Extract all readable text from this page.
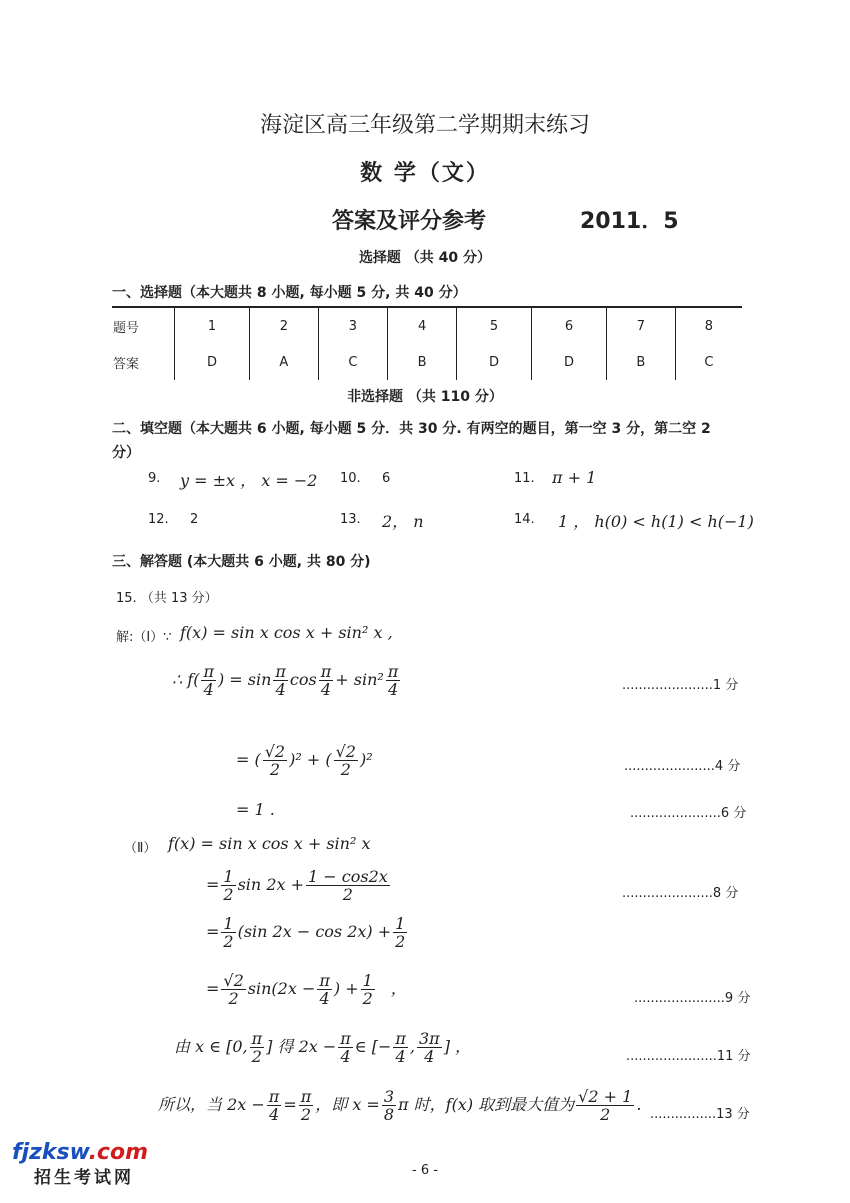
海淀区高三年级第二学期期末练习
数 学（文）
答案及评分参考	2011．5
选择题 （共 40 分）
一、选择题（本大题共 8 小题, 每小题 5 分, 共 40 分）
题号	1	2	3	4	5	6	7	8
答案	D	A	C	B	D	D	B	C
非选择题 （共 110 分）
二、填空题（本大题共 6 小题, 每小题 5 分．共 30 分. 有两空的题目，第一空 3 分，第二空 2
分）
9. y = ±x ， x = −2 10. 6	11. π + 1
12. 2	13. 2， n	14. 1 ， h(0) < h(1) < h(−1)
三、解答题 (本大题共 6 小题, 共 80 分)
15. （共 13 分）
解:（Ⅰ）∵ f(x) = sin x cos x + sin² x ,
∴ $f( \frac{\pi}{4}$ ) = $\sin \frac{\pi}{4}$ $\cos \frac{\pi}{4} + \sin^2 \frac{\pi}{4}$	......................1 分
= ( $\frac{√2}{2} )^2$ + ( $\frac{√2}{2} )^2$	......................4 分
= 1 .	......................6 分
（Ⅱ） f(x) = sin x cos x + sin² x
= $\frac{1}{2}$ $\sin 2x + \frac{1 - \cos 2x}{2}$	......................8 分
= $\frac{1}{2} (\sin$ $2x - \cos 2x) + \frac{1}{2}$
= $\frac{√2}{2} \sin(2x - \frac{\pi}{4}$ ) + $\frac{1}{2}$ ，
......................9 分
由 x ∈ [0, $\frac{\pi}{2}$ ] 得 $2x - \frac{\pi}{4}$ ∈ [− $\frac{\pi}{4}$ , $\frac{3\pi}{4}$ ] ，
......................11 分
所以，当 $2x - \frac{\pi}{4} = \frac{\pi}{2}$ ，即 $x = \frac{3}{8}$ π 时，f(x) 取到最大值为 $\frac{√2 + 1}{2}$ .
................13 分
fjzksw.com
招生考试网	- 6 -
